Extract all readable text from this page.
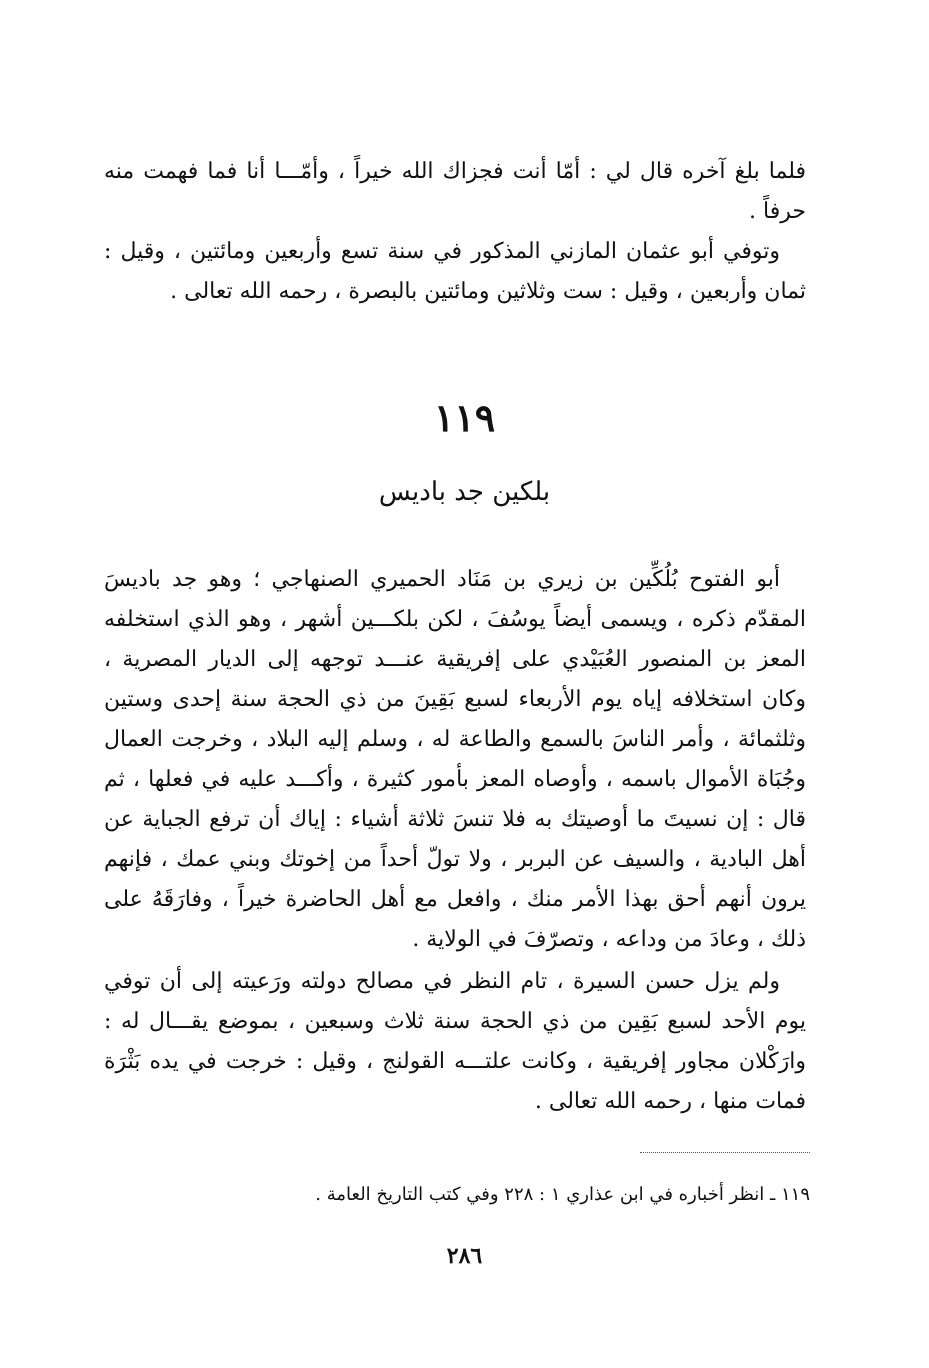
فلما بلغ آخره قال لي : أمّا أنت فجزاك الله خيراً ، وأمّـــا أنا فما فهمت منه حرفاً .

وتوفي أبو عثمان المازني المذكور في سنة تسع وأربعين ومائتين ، وقيل : ثمان وأربعين ، وقيل : ست وثلاثين ومائتين بالبصرة ، رحمه الله تعالى .

١١٩
بلكين جد باديس

أبو الفتوح بُلُكِّين بن زيري بن مَنَاد الحميري الصنهاجي ؛ وهو جد باديسَ المقدّم ذكره ، ويسمى أيضاً يوسُفَ ، لكن بلكـــين أشهر ، وهو الذي استخلفه المعز بن المنصور العُبَيْدي على إفريقية عنـــد توجهه إلى الديار المصرية ، وكان استخلافه إياه يوم الأربعاء لسبع بَقِينَ من ذي الحجة سنة إحدى وستين وثلثمائة ، وأمر الناسَ بالسمع والطاعة له ، وسلم إليه البلاد ، وخرجت العمال وجُبَاة الأموال باسمه ، وأوصاه المعز بأمور كثيرة ، وأكـــد عليه في فعلها ، ثم قال : إن نسيتَ ما أوصيتك به فلا تنسَ ثلاثة أشياء : إياك أن ترفع الجباية عن أهل البادية ، والسيف عن البربر ، ولا تولّ أحداً من إخوتك وبني عمك ، فإنهم يرون أنهم أحق بهذا الأمر منك ، وافعل مع أهل الحاضرة خيراً ، وفارَقَهُ على ذلك ، وعادَ من وداعه ، وتصرّفَ في الولاية .

ولم يزل حسن السيرة ، تام النظر في مصالح دولته ورَعيته إلى أن توفي يوم الأحد لسبع بَقِين من ذي الحجة سنة ثلاث وسبعين ، بموضع يقـــال له : وارَكْلان مجاور إفريقية ، وكانت علتـــه القولنج ، وقيل : خرجت في يده بَثْرَة فمات منها ، رحمه الله تعالى .

١١٩ ـ انظر أخباره في ابن عذاري ١ : ٢٢٨ وفي كتب التاريخ العامة .

٢٨٦
